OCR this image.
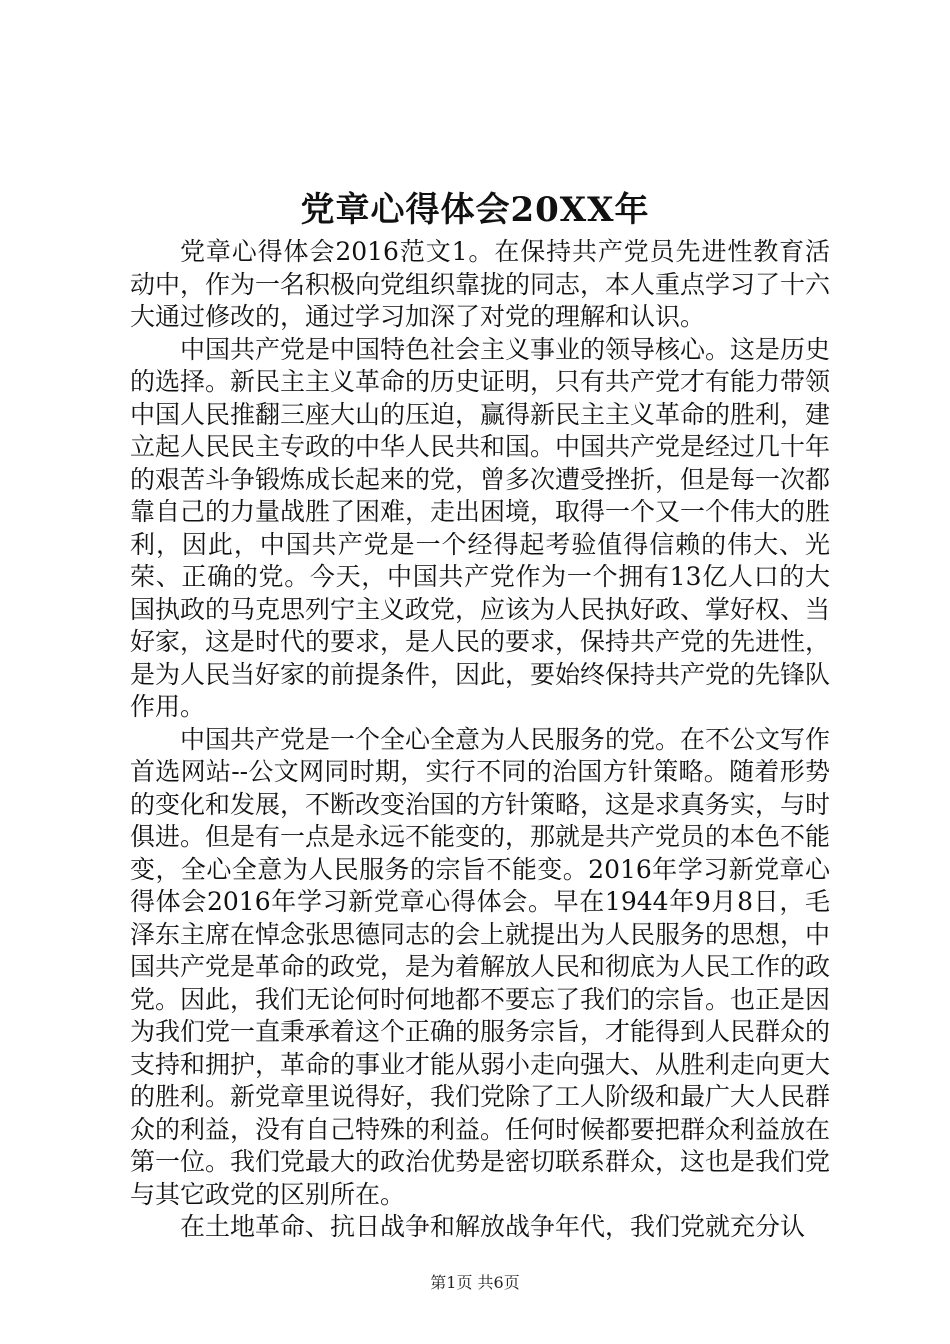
党章心得体会20XX年

党章心得体会2016范文1。在保持共产党员先进性教育活动中，作为一名积极向党组织靠拢的同志，本人重点学习了十六大通过修改的，通过学习加深了对党的理解和认识。

中国共产党是中国特色社会主义事业的领导核心。这是历史的选择。新民主主义革命的历史证明，只有共产党才有能力带领中国人民推翻三座大山的压迫，赢得新民主主义革命的胜利，建立起人民民主专政的中华人民共和国。中国共产党是经过几十年的艰苦斗争锻炼成长起来的党，曾多次遭受挫折，但是每一次都靠自己的力量战胜了困难，走出困境，取得一个又一个伟大的胜利，因此，中国共产党是一个经得起考验值得信赖的伟大、光荣、正确的党。今天，中国共产党作为一个拥有13亿人口的大国执政的马克思列宁主义政党，应该为人民执好政、掌好权、当好家，这是时代的要求，是人民的要求，保持共产党的先进性，是为人民当好家的前提条件，因此，要始终保持共产党的先锋队作用。

中国共产党是一个全心全意为人民服务的党。在不公文写作首选网站--公文网同时期，实行不同的治国方针策略。随着形势的变化和发展，不断改变治国的方针策略，这是求真务实，与时俱进。但是有一点是永远不能变的，那就是共产党员的本色不能变，全心全意为人民服务的宗旨不能变。2016年学习新党章心得体会2016年学习新党章心得体会。早在1944年9月8日，毛泽东主席在悼念张思德同志的会上就提出为人民服务的思想，中国共产党是革命的政党，是为着解放人民和彻底为人民工作的政党。因此，我们无论何时何地都不要忘了我们的宗旨。也正是因为我们党一直秉承着这个正确的服务宗旨，才能得到人民群众的支持和拥护，革命的事业才能从弱小走向强大、从胜利走向更大的胜利。新党章里说得好，我们党除了工人阶级和最广大人民群众的利益，没有自己特殊的利益。任何时候都要把群众利益放在第一位。我们党最大的政治优势是密切联系群众，这也是我们党与其它政党的区别所在。

在土地革命、抗日战争和解放战争年代，我们党就充分认

第1页 共6页
